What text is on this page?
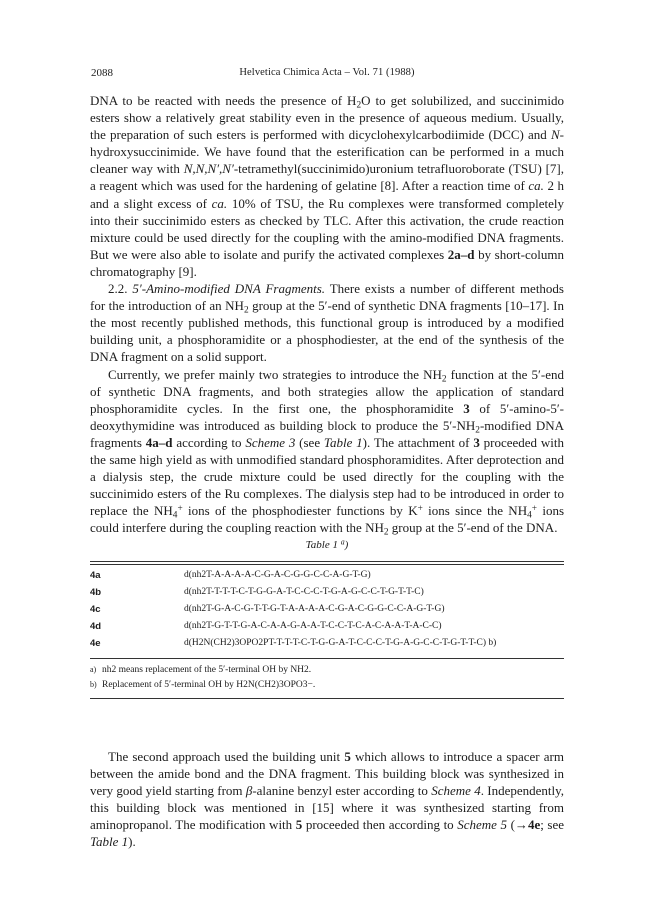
2088	Helvetica Chimica Acta – Vol. 71 (1988)

DNA to be reacted with needs the presence of $H_2O$ to get solubilized, and succinimido esters show a relatively great stability even in the presence of aqueous medium. Usually, the preparation of such esters is performed with dicyclohexylcarbodiimide (DCC) and N-hydroxysuccinimide. We have found that the esterification can be performed in a much cleaner way with N,N,N′,N′-tetramethyl(succinimido)uronium tetrafluoroborate (TSU) [7], a reagent which was used for the hardening of gelatine [8]. After a reaction time of ca. 2 h and a slight excess of ca. 10% of TSU, the Ru complexes were transformed completely into their succinimido esters as checked by TLC. After this activation, the crude reaction mixture could be used directly for the coupling with the amino-modified DNA fragments. But we were also able to isolate and purify the activated complexes 2a–d by short-column chromatography [9].

2.2. 5′-Amino-modified DNA Fragments. There exists a number of different methods for the introduction of an $NH_2$ group at the 5′-end of synthetic DNA fragments [10–17]. In the most recently published methods, this functional group is introduced by a modified building unit, a phosphoramidite or a phosphodiester, at the end of the synthesis of the DNA fragment on a solid support.

Currently, we prefer mainly two strategies to introduce the $NH_2$ function at the 5′-end of synthetic DNA fragments, and both strategies allow the application of standard phosphoramidite cycles. In the first one, the phosphoramidite 3 of 5′-amino-5′-deoxythymidine was introduced as building block to produce the $5'-NH_2$-modified DNA fragments 4a–d according to Scheme 3 (see Table 1). The attachment of 3 proceeded with the same high yield as with unmodified standard phosphoramidites. After deprotection and a dialysis step, the crude mixture could be used directly for the coupling with the succinimido esters of the Ru complexes. The dialysis step had to be introduced in order to replace the $NH_4^+$ ions of the phosphodiester functions by K+ ions since the $NH_4^+$ ions could interfere during the coupling reaction with the $NH_2$ group at the 5′-end of the DNA.

Table 1 $^a$)
4a	d(nh2T-A-A-A-A-C-G-A-C-G-G-C-C-A-G-T-G)
4b	d(nh2T-T-T-T-C-T-G-G-A-T-C-C-C-T-G-A-G-C-C-T-G-T-T-C)
4c	d(nh2T-G-A-C-G-T-T-G-T-A-A-A-A-C-G-A-C-G-G-C-C-A-G-T-G)
4d	d(nh2T-G-T-T-G-A-C-A-A-G-A-A-T-C-C-T-C-A-C-A-A-T-A-C-C)
4e	d(H2N(CH2)3OPO2PT-T-T-T-C-T-G-G-A-T-C-C-C-T-G-A-G-C-C-T-G-T-T-C) b)
a) nh2 means replacement of the 5′-terminal OH by NH2.
b) Replacement of 5′-terminal OH by H2N(CH2)3OPO3−.

The second approach used the building unit 5 which allows to introduce a spacer arm between the amide bond and the DNA fragment. This building block was synthesized in very good yield starting from β-alanine benzyl ester according to Scheme 4. Independently, this building block was mentioned in [15] where it was synthesized starting from aminopropanol. The modification with 5 proceeded then according to Scheme 5 (→4e; see Table 1).
